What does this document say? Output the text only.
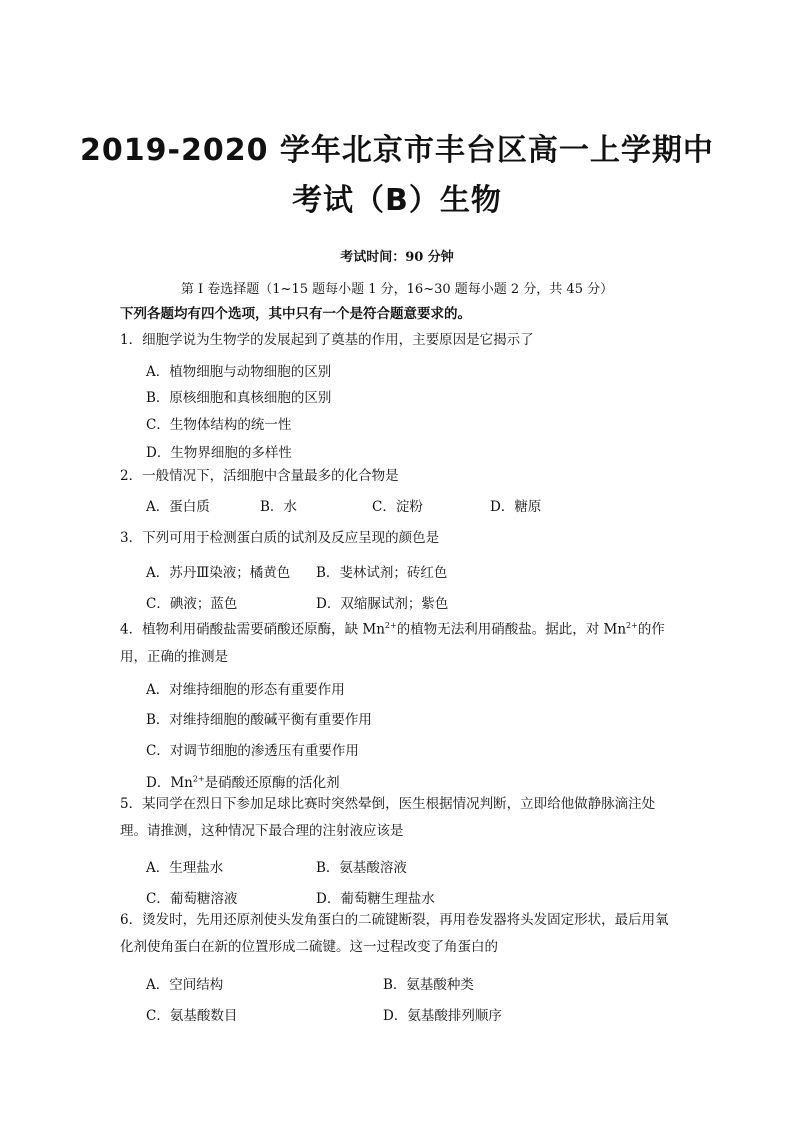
2019-2020 学年北京市丰台区高一上学期中
考试（B）生物
考试时间：90 分钟
第 I 卷选择题（1~15 题每小题 1 分，16~30 题每小题 2 分，共 45 分）
下列各题均有四个选项，其中只有一个是符合题意要求的。
1．细胞学说为生物学的发展起到了奠基的作用，主要原因是它揭示了
A．植物细胞与动物细胞的区别
B．原核细胞和真核细胞的区别
C．生物体结构的统一性
D．生物界细胞的多样性
2．一般情况下，活细胞中含量最多的化合物是
A．蛋白质	B．水	C．淀粉	D．糖原
3．下列可用于检测蛋白质的试剂及反应呈现的颜色是
A．苏丹Ⅲ染液；橘黄色 B．斐林试剂；砖红色
C．碘液；蓝色	D．双缩脲试剂；紫色
4．植物利用硝酸盐需要硝酸还原酶，缺 $Mn^{2+}$的植物无法利用硝酸盐。据此，对 $Mn^{2+}$的作用，正确的推测是
A．对维持细胞的形态有重要作用
B．对维持细胞的酸碱平衡有重要作用
C．对调节细胞的渗透压有重要作用
D．$Mn^{2+}$是硝酸还原酶的活化剂
5．某同学在烈日下参加足球比赛时突然晕倒，医生根据情况判断，立即给他做静脉滴注处理。请推测，这种情况下最合理的注射液应该是
A．生理盐水	B．氨基酸溶液
C．葡萄糖溶液	D．葡萄糖生理盐水
6．烫发时，先用还原剂使头发角蛋白的二硫键断裂，再用卷发器将头发固定形状，最后用氧化剂使角蛋白在新的位置形成二硫键。这一过程改变了角蛋白的
A．空间结构	B．氨基酸种类
C．氨基酸数目	D．氨基酸排列顺序
